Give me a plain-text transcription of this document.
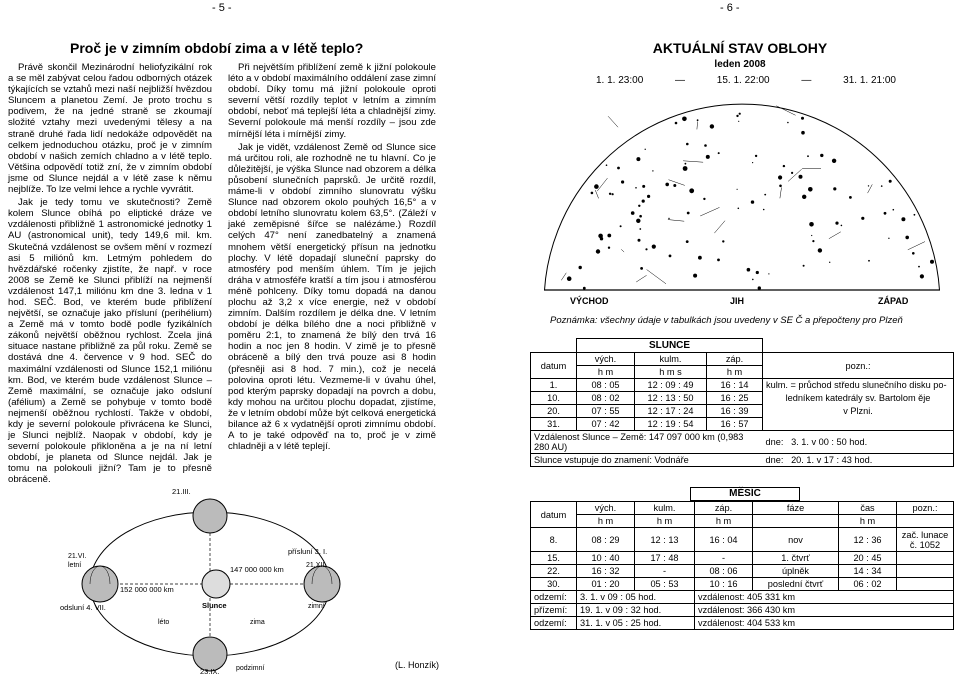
- 5 -	- 6 -
Proč je v zimním období zima a v létě teplo?

Právě skončil Mezinárodní heliofyzikální rok a se měl zabývat celou řadou odborných otázek týkajících se vztahů mezi naší nejbližší hvězdou Sluncem a planetou Zemí. Je proto trochu s podivem, že na jedné straně se zkoumají složité vztahy mezi uvedenými tělesy a na straně druhé řada lidí nedokáže odpovědět na celkem jednoduchou otázku, proč je v zimním období v našich zemích chladno a v létě teplo. Většina odpovědí totiž zní, že v zimním období jsme od Slunce nejdál a v létě zase k němu nejblíže. To lze velmi lehce a rychle vyvrátit.

Jak je tedy tomu ve skutečnosti? Země kolem Slunce obíhá po eliptické dráze ve vzdálenosti přibližně 1 astronomické jednotky 1 AU (astronomical unit), tedy 149,6 mil. km. Skutečná vzdálenost se ovšem mění v rozmezí asi 5 miliónů km. Letmým pohledem do hvězdářské ročenky zjistíte, že např. v roce 2008 se Země ke Slunci přiblíží na nejmenší vzdálenost 147,1 miliónu km dne 3. ledna v 1 hod. SEČ. Bod, ve kterém bude přiblížení největší, se označuje jako přísluní (perihélium) a Země má v tomto bodě podle fyzikálních zákonů největší oběžnou rychlost. Zcela jiná situace nastane přibližně za půl roku. Země se dostává dne 4. července v 9 hod. SEČ do maximální vzdálenosti od Slunce 152,1 miliónu km. Bod, ve kterém bude vzdálenost Slunce – Země maximální, se označuje jako odsluní (afélium) a Země se pohybuje v tomto bodě nejmenší oběžnou rychlostí. Takže v období, kdy je severní polokoule přivrácena ke Slunci, je Slunci nejblíž. Naopak v období, kdy je severní polokoule přikloněna a je na ní letní období, je planeta od Slunce nejdál. Jak je tomu na polokouli jižní? Tam je to přesně obráceně.

Při největším přiblížení země k jižní polokoule léto a v období maximálního oddálení zase zimní období. Díky tomu má jižní polokoule oproti severní větší rozdíly teplot v letním a zimním období, neboť má teplejší léta a chladnější zimy. Severní polokoule má menší rozdíly – jsou zde mírnější léta i mírnější zimy.

Jak je vidět, vzdálenost Země od Slunce sice má určitou roli, ale rozhodně ne tu hlavní. Co je důležitější, je výška Slunce nad obzorem a délka působení slunečních paprsků. Je určitě rozdíl, máme-li v období zimního slunovratu výšku Slunce nad obzorem okolo pouhých 16,5° a v období letního slunovratu kolem 63,5°. (Záleží v jaké zeměpisné šířce se nalézáme.) Rozdíl celých 47° není zanedbatelný a znamená mnohem větší energetický přísun na jednotku plochy. V létě dopadají sluneční paprsky do atmosféry pod menším úhlem. Tím je jejich dráha v atmosféře kratší a tím jsou i atmosférou méně pohlceny. Díky tomu dopadá na danou plochu až 3,2 x více energie, než v období zimním. Dalším rozdílem je délka dne. V letním období je délka bílého dne a noci přibližně v poměru 2:1, to znamená že bílý den trvá 16 hodin a noc jen 8 hodin. V zimě je to přesně obráceně a bílý den trvá pouze asi 8 hodin (přesněji asi 8 hod. 7 min.), což je necelá polovina oproti létu. Vezmeme-li v úvahu úhel, pod kterým paprsky dopadají na povrch a dobu, kdy mohou na určitou plochu dopadat, zjistíme, že v letním období může být celková energetická bilance až 6 x vydatnější oproti zimnímu období. A to je také odpověď na to, proč je v zimě chladněji a v létě teplejí.

(L. Honzík)
21.III.
přísluní 3. I.
21.XII.
zimní
147 000 000 km
152 000 000 km
21.VI.
letní
odsluní 4. VII.
léto	zima
Slunce
23.IX. podzimní
AKTUÁLNÍ STAV OBLOHY
leden 2008
1. 1. 23:00	—	15. 1. 22:00	—	31. 1. 21:00
VÝCHOD	JIH	ZÁPAD
Poznámka: všechny údaje v tabulkách jsou uvedeny v SE Č a přepočteny pro Plzeň
	SLUNCE			
datum	vých.	kulm.	záp.	pozn.:
	h m	h m s	h m	
1.	08 : 05	12 : 09 : 49	16 : 14	kulm. = průchod středu slunečního disku po-
10.	08 : 02	12 : 13 : 50	16 : 25	ledníkem katedrály sv. Bartolom ěje
20.	07 : 55	12 : 17 : 24	16 : 39	v Plzni.
31.	07 : 42	12 : 19 : 54	16 : 57	
Vzdálenost Slunce – Země: 147 097 000 km (0,983 280 AU)				dne: 3. 1. v 00 : 50 hod.
Slunce vstupuje do znamení: Vodnáře				dne: 20. 1. v 17 : 43 hod.
MĚSÍC
datum	vých.	kulm.	záp.	fáze	čas	pozn.:
	h m	h m	h m		h m	
8.	08 : 29	12 : 13	16 : 04	nov	12 : 36	zač. lunace č. 1052
15.	10 : 40	17 : 48	-	1. čtvrť	20 : 45	
22.	16 : 32	-	08 : 06	úplněk	14 : 34	
30.	01 : 20	05 : 53	10 : 16	poslední čtvrť	06 : 02	
odzemí:	3. 1. v 09 : 05 hod.		vzdálenost: 405 331 km			
přízemí:	19. 1. v 09 : 32 hod.		vzdálenost: 366 430 km			
odzemí:	31. 1. v 05 : 25 hod.		vzdálenost: 404 533 km			
